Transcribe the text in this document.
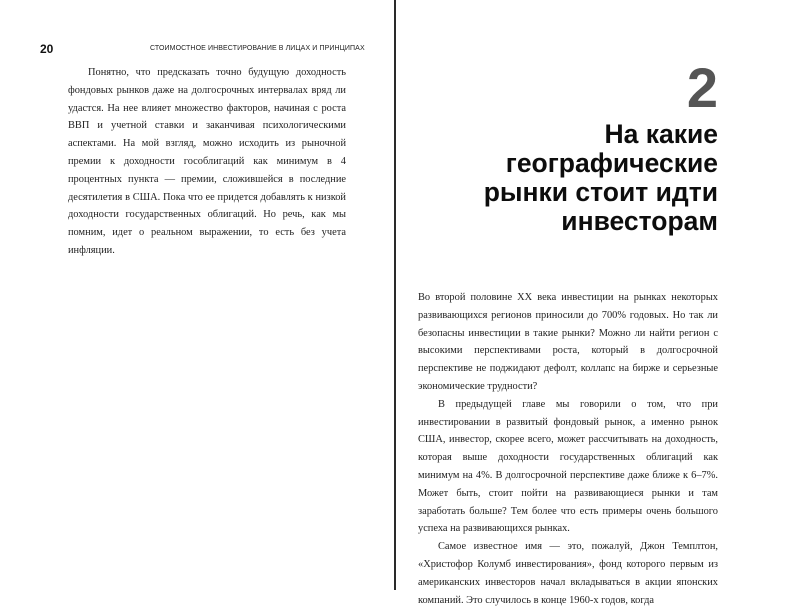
20	СТОИМОСТНОЕ ИНВЕСТИРОВАНИЕ В ЛИЦАХ И ПРИНЦИПАХ

Понятно, что предсказать точно будущую доходность фондовых рынков даже на долгосрочных интервалах вряд ли удастся. На нее влияет множество факторов, начиная с роста ВВП и учетной ставки и заканчивая психологическими аспектами. На мой взгляд, можно исходить из рыночной премии к доходности гособлигаций как минимум в 4 процентных пункта — премии, сложившейся в последние десятилетия в США. Пока что ее придется добавлять к низкой доходности государственных облигаций. Но речь, как мы помним, идет о реальном выражении, то есть без учета инфляции.

2
На какие
географические
рынки стоит идти
инвесторам

Во второй половине XX века инвестиции на рынках некоторых развивающихся регионов приносили до 700% годовых. Но так ли безопасны инвестиции в такие рынки? Можно ли найти регион с высокими перспективами роста, который в долгосрочной перспективе не поджидают дефолт, коллапс на бирже и серьезные экономические трудности?

В предыдущей главе мы говорили о том, что при инвестировании в развитый фондовый рынок, а именно рынок США, инвестор, скорее всего, может рассчитывать на доходность, которая выше доходности государственных облигаций как минимум на 4%. В долгосрочной перспективе даже ближе к 6–7%. Может быть, стоит пойти на развивающиеся рынки и там заработать больше? Тем более что есть примеры очень большого успеха на развивающихся рынках.

Самое известное имя — это, пожалуй, Джон Темплтон, «Христофор Колумб инвестирования», фонд которого первым из американских инвесторов начал вкладываться в акции японских компаний. Это случилось в конце 1960-х годов, когда
